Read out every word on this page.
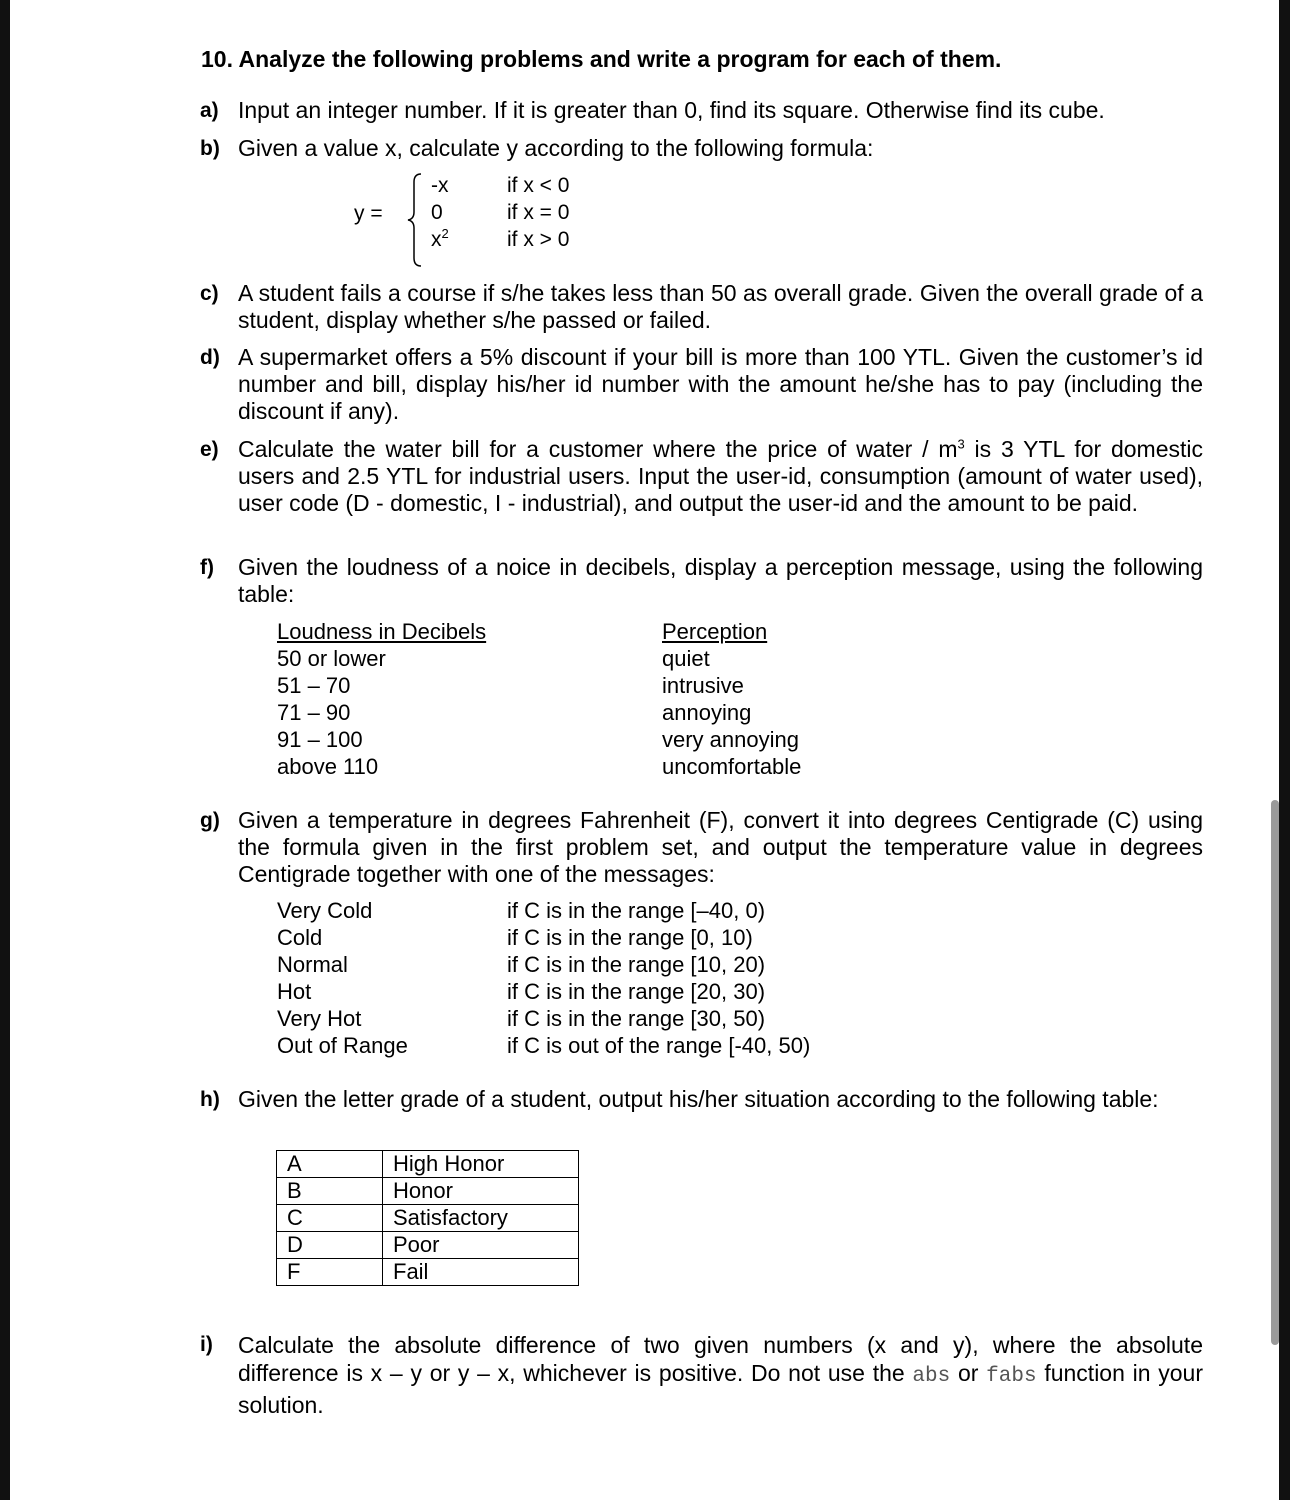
10. Analyze the following problems and write a program for each of them.
a) Input an integer number. If it is greater than 0, find its square. Otherwise find its cube.
b) Given a value x, calculate y according to the following formula:
y =
-x
0
$x^2$
if x < 0
if x = 0
if x > 0
c) A student fails a course if s/he takes less than 50 as overall grade. Given the overall grade of a student, display whether s/he passed or failed.
d) A supermarket offers a 5% discount if your bill is more than 100 YTL. Given the customer’s id number and bill, display his/her id number with the amount he/she has to pay (including the discount if any).
e) Calculate the water bill for a customer where the price of water / $m^3$ is 3 YTL for domestic users and 2.5 YTL for industrial users. Input the user-id, consumption (amount of water used), user code (D - domestic, I - industrial), and output the user-id and the amount to be paid.
f) Given the loudness of a noice in decibels, display a perception message, using the following table:
Loudness in Decibels	Perception
50 or lower	quiet
51 – 70	intrusive
71 – 90	annoying
91 – 100	very annoying
above 110	uncomfortable
g) Given a temperature in degrees Fahrenheit (F), convert it into degrees Centigrade (C) using the formula given in the first problem set, and output the temperature value in degrees Centigrade together with one of the messages:
Very Cold	if C is in the range [–40, 0)
Cold	if C is in the range [0, 10)
Normal	if C is in the range [10, 20)
Hot	if C is in the range [20, 30)
Very Hot	if C is in the range [30, 50)
Out of Range	if C is out of the range [-40, 50)
h) Given the letter grade of a student, output his/her situation according to the following table:
A	High Honor
B	Honor
C	Satisfactory
D	Poor
F	Fail
i) Calculate the absolute difference of two given numbers (x and y), where the absolute difference is x – y or y – x, whichever is positive. Do not use the abs or fabs function in your solution.
